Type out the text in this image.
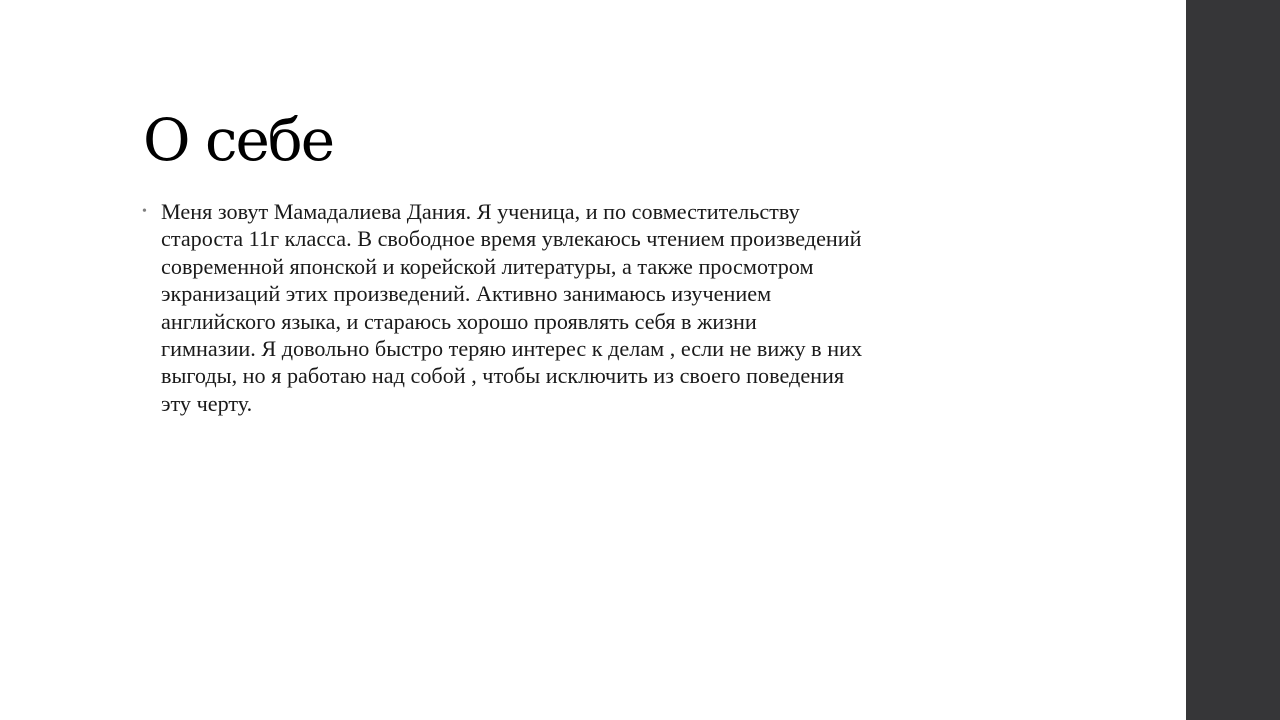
О себе
• Меня зовут Мамадалиева Дания. Я ученица, и по совместительству
староста 11г класса. В свободное время увлекаюсь чтением произведений
современной японской и корейской литературы, а также просмотром
экранизаций этих произведений. Активно занимаюсь изучением
английского языка, и стараюсь хорошо проявлять себя в жизни
гимназии. Я довольно быстро теряю интерес к делам , если не вижу в них
выгоды, но я работаю над собой , чтобы исключить из своего поведения
эту черту.
